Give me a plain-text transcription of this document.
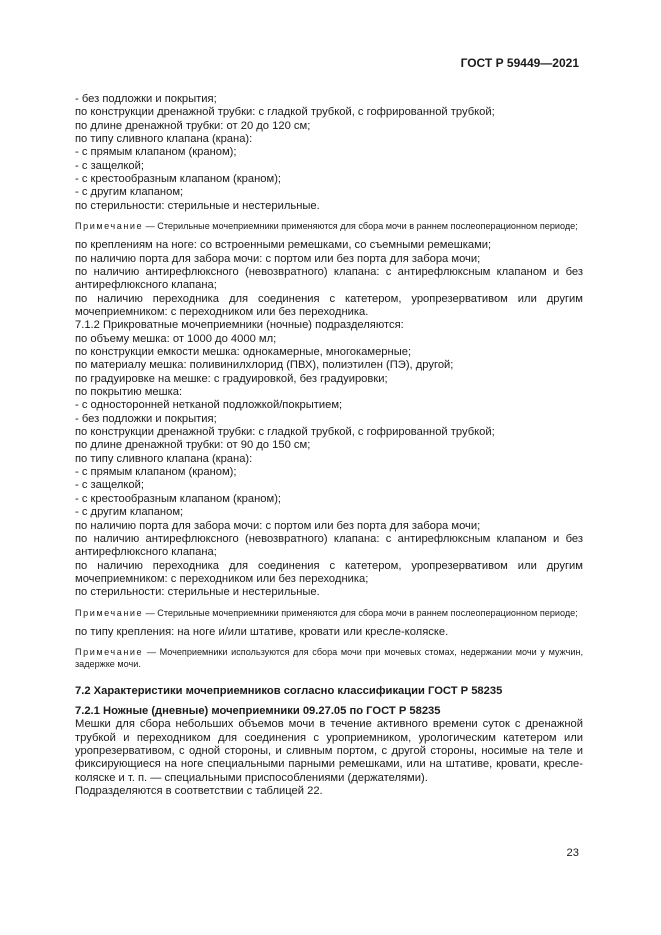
ГОСТ Р 59449—2021
- без подложки и покрытия;
по конструкции дренажной трубки: с гладкой трубкой, с гофрированной трубкой;
по длине дренажной трубки: от 20 до 120 см;
по типу сливного клапана (крана):
- с прямым клапаном (краном);
- с защелкой;
- с крестообразным клапаном (краном);
- с другим клапаном;
по стерильности: стерильные и нестерильные.
Примечание — Стерильные мочеприемники применяются для сбора мочи в раннем послеоперационном периоде;
по креплениям на ноге: со встроенными ремешками, со съемными ремешками;
по наличию порта для забора мочи: с портом или без порта для забора мочи;
по наличию антирефлюксного (невозвратного) клапана: с антирефлюксным клапаном и без антирефлюксного клапана;
по наличию переходника для соединения с катетером, уропрезервативом или другим мочеприемником: с переходником или без переходника.
7.1.2 Прикроватные мочеприемники (ночные) подразделяются:
по объему мешка: от 1000 до 4000 мл;
по конструкции емкости мешка: однокамерные, многокамерные;
по материалу мешка: поливинилхлорид (ПВХ), полиэтилен (ПЭ), другой;
по градуировке на мешке: с градуировкой, без градуировки;
по покрытию мешка:
- с односторонней нетканой подложкой/покрытием;
- без подложки и покрытия;
по конструкции дренажной трубки: с гладкой трубкой, с гофрированной трубкой;
по длине дренажной трубки: от 90 до 150 см;
по типу сливного клапана (крана):
- с прямым клапаном (краном);
- с защелкой;
- с крестообразным клапаном (краном);
- с другим клапаном;
по наличию порта для забора мочи: с портом или без порта для забора мочи;
по наличию антирефлюксного (невозвратного) клапана: с антирефлюксным клапаном и без антирефлюксного клапана;
по наличию переходника для соединения с катетером, уропрезервативом или другим мочеприемником: с переходником или без переходника;
по стерильности: стерильные и нестерильные.
Примечание — Стерильные мочеприемники применяются для сбора мочи в раннем послеоперационном периоде;
по типу крепления: на ноге и/или штативе, кровати или кресле-коляске.
Примечание — Мочеприемники используются для сбора мочи при мочевых стомах, недержании мочи у мужчин, задержке мочи.
7.2 Характеристики мочеприемников согласно классификации ГОСТ Р 58235
7.2.1 Ножные (дневные) мочеприемники 09.27.05 по ГОСТ Р 58235
Мешки для сбора небольших объемов мочи в течение активного времени суток с дренажной трубкой и переходником для соединения с уроприемником, урологическим катетером или уропрезервативом, с одной стороны, и сливным портом, с другой стороны, носимые на теле и фиксирующиеся на ноге специальными парными ремешками, или на штативе, кровати, кресле-коляске и т. п. — специальными приспособлениями (держателями).
Подразделяются в соответствии с таблицей 22.
23
